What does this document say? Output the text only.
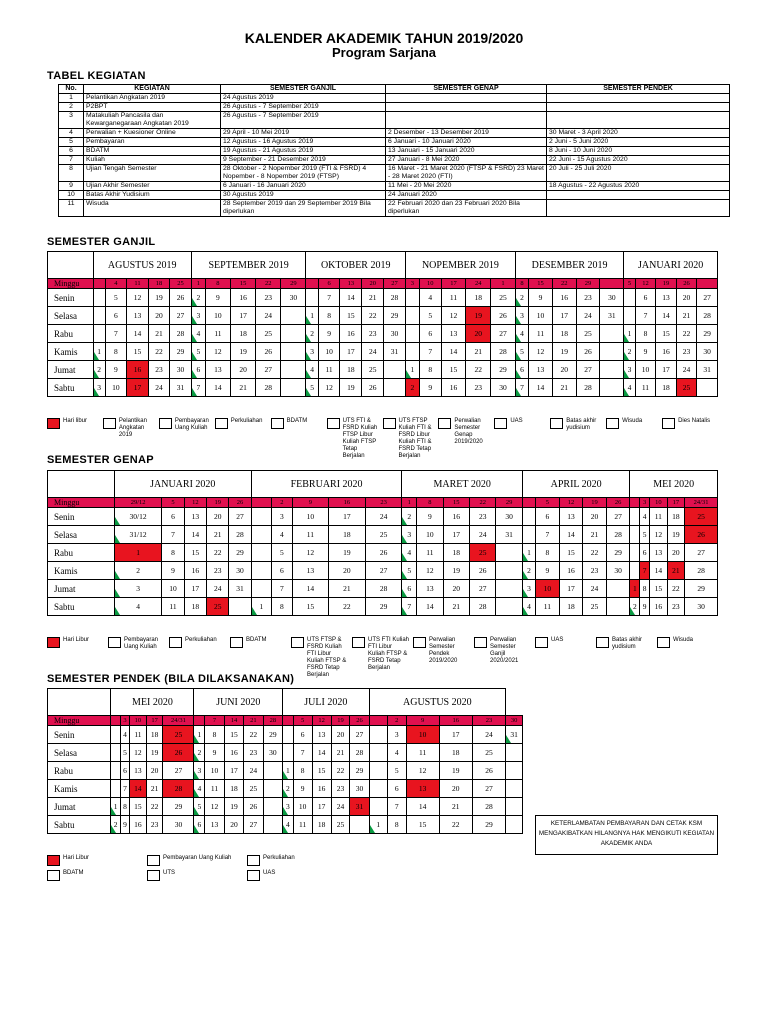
KALENDER AKADEMIK TAHUN 2019/2020
Program Sarjana
TABEL KEGIATAN
No.	KEGIATAN	SEMESTER GANJIL	SEMESTER GENAP	SEMESTER PENDEK
1	Pelantikan Angkatan 2019	24 Agustus 2019		
2	P2BPT	26 Agustus - 7 September 2019		
3	Matakuliah Pancasila dan Kewarganegaraan Angkatan 2019	26 Agustus - 7 September 2019		
4	Perwalian + Kuesioner Online	29 April - 10 Mei 2019	2 Desember - 13 Desember 2019	30 Maret - 3 April 2020
5	Pembayaran	12 Agustus - 16 Agustus 2019	6 Januari - 10 Januari 2020	2 Juni - 5 Juni 2020
6	BDATM	19 Agustus - 21 Agustus 2019	13 Januari - 15 Januari 2020	8 Juni - 10 Juni 2020
7	Kuliah	9 September - 21 Desember 2019	27 Januari - 8 Mei 2020	22 Juni - 15 Agustus 2020
8	Ujian Tengah Semester	28 Oktober - 2 Nopember 2019 (FTI & FSRD) 4 Nopember - 8 Nopember 2019 (FTSP)	16 Maret - 21 Maret 2020 (FTSP & FSRD) 23 Maret - 28 Maret 2020 (FTI)	20 Juli - 25 Juli 2020
9	Ujian Akhir Semester	6 Januari - 16 Januari 2020	11 Mei - 20 Mei 2020	18 Agustus - 22 Agustus 2020
10	Batas Akhir Yudisium	30 Agustus 2019	24 Januari 2020	
11	Wisuda	28 September 2019 dan 29 September 2019 Bila diperlukan	22 Februari 2020 dan 23 Februari 2020 Bila diperlukan	
SEMESTER GANJIL
	AGUSTUS 2019					SEPTEMBER 2019					OKTOBER 2019					NOPEMBER 2019					DESEMBER 2019					JANUARI 2020				
Minggu		4	11	18	25	1	8	15	22	29		6	13	20	27	3	10	17	24	1	8	15	22	29		5	12	19	26	
Senin		5	12	19	26	2	9	16	23	30		7	14	21	28		4	11	18	25	2	9	16	23	30		6	13	20	27
Selasa		6	13	20	27	3	10	17	24		1	8	15	22	29		5	12	19	26	3	10	17	24	31		7	14	21	28
Rabu		7	14	21	28	4	11	18	25		2	9	16	23	30		6	13	20	27	4	11	18	25		1	8	15	22	29
Kamis	1	8	15	22	29	5	12	19	26		3	10	17	24	31		7	14	21	28	5	12	19	26		2	9	16	23	30
Jumat	2	9	16	23	30	6	13	20	27		4	11	18	25		1	8	15	22	29	6	13	20	27		3	10	17	24	31
Sabtu	3	10	17	24	31	7	14	21	28		5	12	19	26		2	9	16	23	30	7	14	21	28		4	11	18	25	
Hari libur	Pelantikan Angkatan 2019
Pembayaran Uang Kuliah
Perkuliahan	BDATM	UTS FTI & FSRD Kuliah FTSP Libur Kuliah FTSP Tetap Berjalan
UTS FTSP Kuliah FTI & FSRD Libur Kuliah FTI & FSRD Tetap Berjalan
Perwalian Semester Genap 2019/2020
UAS	Batas akhir yudisium
Wisuda	Dies Natalis
SEMESTER GENAP
	JANUARI 2020					FEBRUARI 2020					MARET 2020					APRIL 2020					MEI 2020				
Minggu	29/12	5	12	19	26		2	9	16	23	1	8	15	22	29		5	12	19	26		3	10	17	24/31
Senin	30/12	6	13	20	27		3	10	17	24	2	9	16	23	30		6	13	20	27		4	11	18	25
Selasa	31/12	7	14	21	28		4	11	18	25	3	10	17	24	31		7	14	21	28		5	12	19	26
Rabu	1	8	15	22	29		5	12	19	26	4	11	18	25		1	8	15	22	29		6	13	20	27
Kamis	2	9	16	23	30		6	13	20	27	5	12	19	26		2	9	16	23	30		7	14	21	28
Jumat	3	10	17	24	31		7	14	21	28	6	13	20	27		3	10	17	24		1	8	15	22	29
Sabtu	4	11	18	25		1	8	15	22	29	7	14	21	28		4	11	18	25		2	9	16	23	30
Hari Libur	Pembayaran Uang Kuliah
Perkuliahan	BDATM	UTS FTSP & FSRD Kuliah FTI Libur Kuliah FTSP & FSRD Tetap Berjalan
UTS FTI Kuliah FTI Libur Kuliah FTSP & FSRD Tetap Berjalan
Perwalian Semester Pendek 2019/2020
Perwalian Semester Ganjil 2020/2021
UAS	Batas akhir yudisium
Wisuda
SEMESTER PENDEK (BILA DILAKSANAKAN)
	MEI 2020					JUNI 2020					JULI 2020					AGUSTUS 2020					
Minggu		3	10	17	24/31		7	14	21	28		5	12	19	26		2	9	16	23	30
Senin		4	11	18	25	1	8	15	22	29		6	13	20	27		3	10	17	24	31
Selasa		5	12	19	26	2	9	16	23	30		7	14	21	28		4	11	18	25	
Rabu		6	13	20	27	3	10	17	24		1	8	15	22	29		5	12	19	26	
Kamis		7	14	21	28	4	11	18	25		2	9	16	23	30		6	13	20	27	
Jumat	1	8	15	22	29	5	12	19	26		3	10	17	24	31		7	14	21	28	
Sabtu	2	9	16	23	30	6	13	20	27		4	11	18	25		1	8	15	22	29	
Hari Libur	Pembayaran Uang Kuliah	Perkuliahan
BDATM	UTS	UAS
KETERLAMBATAN PEMBAYARAN DAN CETAK KSM MENGAKIBATKAN HILANGNYA HAK MENGIKUTI KEGIATAN AKADEMIK ANDA
